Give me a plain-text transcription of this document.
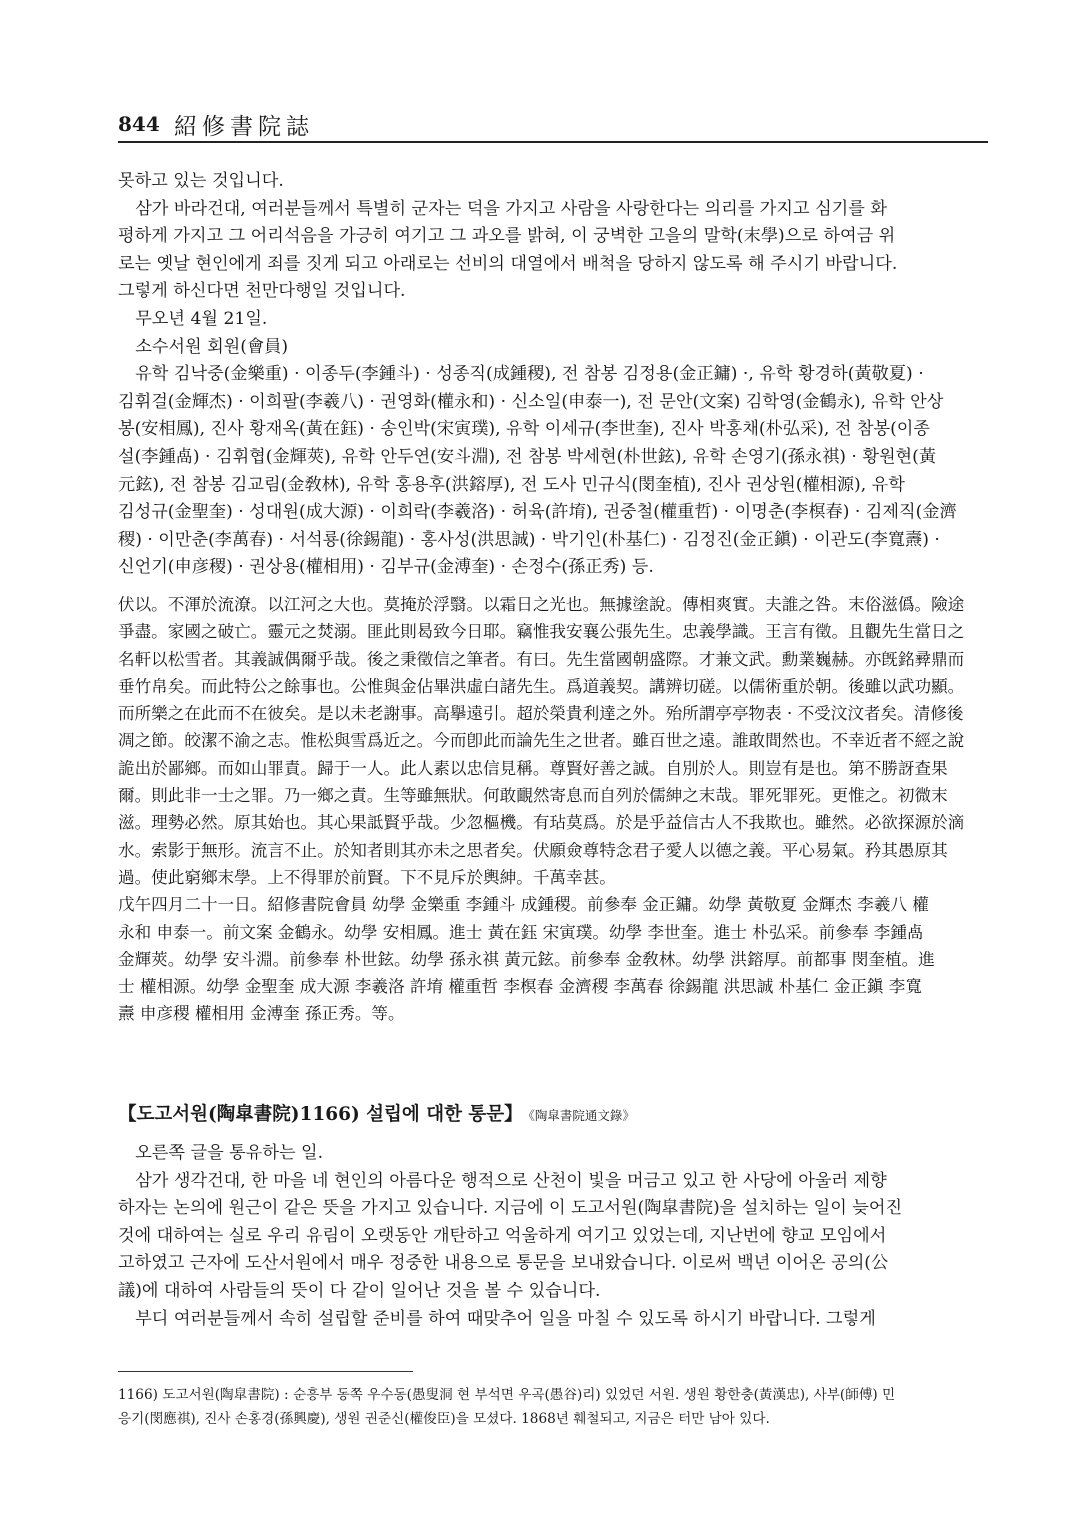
844 紹修書院誌

못하고 있는 것입니다.

삼가 바라건대, 여러분들께서 특별히 군자는 덕을 가지고 사람을 사랑한다는 의리를 가지고 심기를 화

평하게 가지고 그 어리석음을 가긍히 여기고 그 과오를 밝혀, 이 궁벽한 고을의 말학(末學)으로 하여금 위

로는 옛날 현인에게 죄를 짓게 되고 아래로는 선비의 대열에서 배척을 당하지 않도록 해 주시기 바랍니다.

그렇게 하신다면 천만다행일 것입니다.

무오년 4월 21일.

소수서원 회원(會員)

유학 김낙중(金樂重) · 이종두(李鍾斗) · 성종직(成鍾稷), 전 참봉 김정용(金正鏞) ·, 유학 황경하(黃敬夏) ·

김휘걸(金輝杰) · 이희팔(李羲八) · 권영화(權永和) · 신소일(申泰一), 전 문안(文案) 김학영(金鶴永), 유학 안상

봉(安相鳳), 진사 황재옥(黃在鈺) · 송인박(宋寅璞), 유학 이세규(李世奎), 진사 박홍채(朴弘采), 전 참봉(이종

설(李鍾卨) · 김휘협(金輝莢), 유학 안두연(安斗淵), 전 참봉 박세현(朴世鉉), 유학 손영기(孫永祺) · 황원현(黃

元鉉), 전 참봉 김교림(金敎林), 유학 홍용후(洪鎔厚), 전 도사 민규식(閔奎植), 진사 권상원(權相源), 유학

김성규(金聖奎) · 성대원(成大源) · 이희락(李羲洛) · 허육(許堉), 권중철(權重哲) · 이명춘(李榠春) · 김제직(金濟

稷) · 이만춘(李萬春) · 서석룡(徐錫龍) · 홍사성(洪思誠) · 박기인(朴基仁) · 김정진(金正鎭) · 이관도(李寬燾) ·

신언기(申彦稷) · 권상용(權相用) · 김부규(金溥奎) · 손정수(孫正秀) 등.

伏以。不渾於流潦。以江河之大也。莫掩於浮翳。以霜日之光也。無據塗說。傳相爽實。夫誰之咎。末俗滋僞。險途

爭盡。家國之破亡。靈元之焚溺。匪此則曷致今日耶。竊惟我安襄公張先生。忠義學識。王言有徵。且觀先生當日之

名軒以松雪者。其義誠偶爾乎哉。後之秉徵信之筆者。有曰。先生當國朝盛際。才兼文武。勳業巍赫。亦旣銘彛鼎而

垂竹帛矣。而此特公之餘事也。公惟與金佔畢洪虛白諸先生。爲道義契。講辨切磋。以儒術重於朝。後雖以武功顯。

而所樂之在此而不在彼矣。是以未老謝事。高擧遠引。超於榮貴利達之外。殆所謂亭亭物表 · 不受汶汶者矣。清修後

凋之節。皎潔不渝之志。惟松與雪爲近之。今而卽此而論先生之世者。雖百世之遠。誰敢間然也。不幸近者不經之說

詭出於鄙鄉。而如山罪責。歸于一人。此人素以忠信見稱。尊賢好善之誠。自別於人。則豈有是也。第不勝訝查果

爾。則此非一士之罪。乃一鄉之責。生等雖無狀。何敢靦然寄息而自列於儒紳之末哉。罪死罪死。更惟之。初微末

滋。理勢必然。原其始也。其心果詆賢乎哉。少忽樞機。有玷莫爲。於是乎益信古人不我欺也。雖然。必欲探源於滴

水。索影于無形。流言不止。於知者則其亦未之思者矣。伏願僉尊特念君子愛人以德之義。平心易氣。矜其愚原其

過。使此窮鄉末學。上不得罪於前賢。下不見斥於輿紳。千萬幸甚。

戊午四月二十一日。紹修書院會員 幼學 金樂重 李鍾斗 成鍾稷。前參奉 金正鏞。幼學 黃敬夏 金輝杰 李羲八 權

永和 申泰一。前文案 金鶴永。幼學 安相鳳。進士 黃在鈺 宋寅璞。幼學 李世奎。進士 朴弘采。前參奉 李鍾卨

金輝莢。幼學 安斗淵。前參奉 朴世鉉。幼學 孫永祺 黃元鉉。前參奉 金敎林。幼學 洪鎔厚。前都事 閔奎植。進

士 權相源。幼學 金聖奎 成大源 李羲洛 許堉 權重哲 李榠春 金濟稷 李萬春 徐錫龍 洪思誠 朴基仁 金正鎭 李寬

燾 申彦稷 權相用 金溥奎 孫正秀。等。

【도고서원(陶皐書院)1166) 설립에 대한 통문】 《陶皐書院通文錄》

오른쪽 글을 통유하는 일.

삼가 생각건대, 한 마을 네 현인의 아름다운 행적으로 산천이 빛을 머금고 있고 한 사당에 아울러 제향

하자는 논의에 원근이 같은 뜻을 가지고 있습니다. 지금에 이 도고서원(陶皐書院)을 설치하는 일이 늦어진

것에 대하여는 실로 우리 유림이 오랫동안 개탄하고 억울하게 여기고 있었는데, 지난번에 향교 모임에서

고하였고 근자에 도산서원에서 매우 정중한 내용으로 통문을 보내왔습니다. 이로써 백년 이어온 공의(公

議)에 대하여 사람들의 뜻이 다 같이 일어난 것을 볼 수 있습니다.

부디 여러분들께서 속히 설립할 준비를 하여 때맞추어 일을 마칠 수 있도록 하시기 바랍니다. 그렇게

1166) 도고서원(陶皐書院) : 순흥부 동쪽 우수동(愚叟洞 현 부석면 우곡(愚谷)리) 있었던 서원. 생원 황한충(黃漢忠), 사부(師傅) 민

응기(閔應祺), 진사 손홍경(孫興慶), 생원 권준신(權俊臣)을 모셨다. 1868년 훼철되고, 지금은 터만 남아 있다.
